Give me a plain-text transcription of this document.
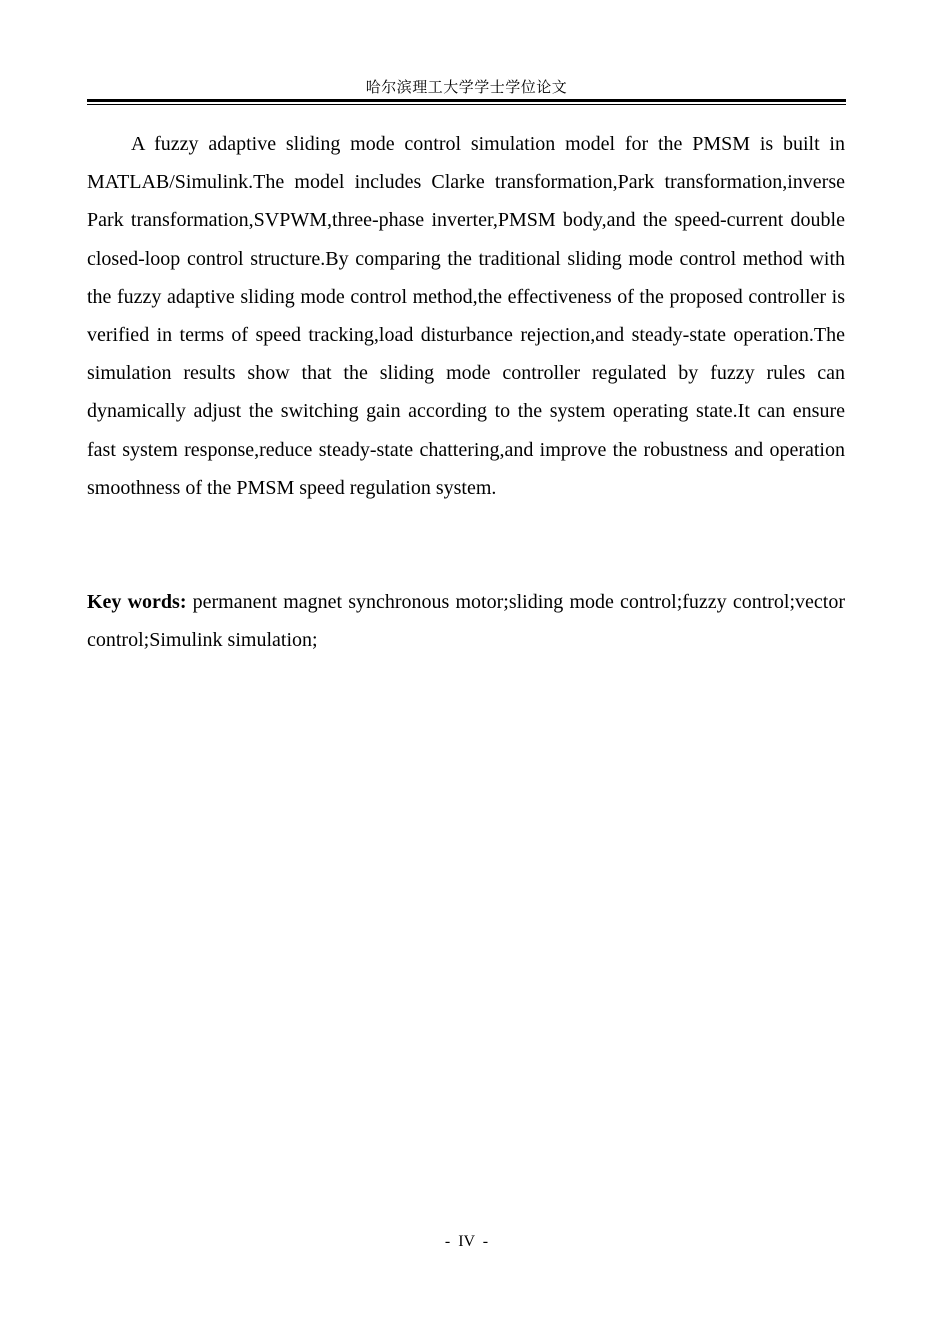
哈尔滨理工大学学士学位论文

A fuzzy adaptive sliding mode control simulation model for the PMSM is built in MATLAB/Simulink.The model includes Clarke transformation,Park transformation,inverse Park transformation,SVPWM,three-phase inverter,PMSM body,and the speed-current double closed-loop control structure.By comparing the traditional sliding mode control method with the fuzzy adaptive sliding mode control method,the effectiveness of the proposed controller is verified in terms of speed tracking,load disturbance rejection,and steady-state operation.The simulation results show that the sliding mode controller regulated by fuzzy rules can dynamically adjust the switching gain according to the system operating state.It can ensure fast system response,reduce steady-state chattering,and improve the robustness and operation smoothness of the PMSM speed regulation system.

Key words: permanent magnet synchronous motor;sliding mode control;fuzzy control;vector control;Simulink simulation;

-  IV  -
